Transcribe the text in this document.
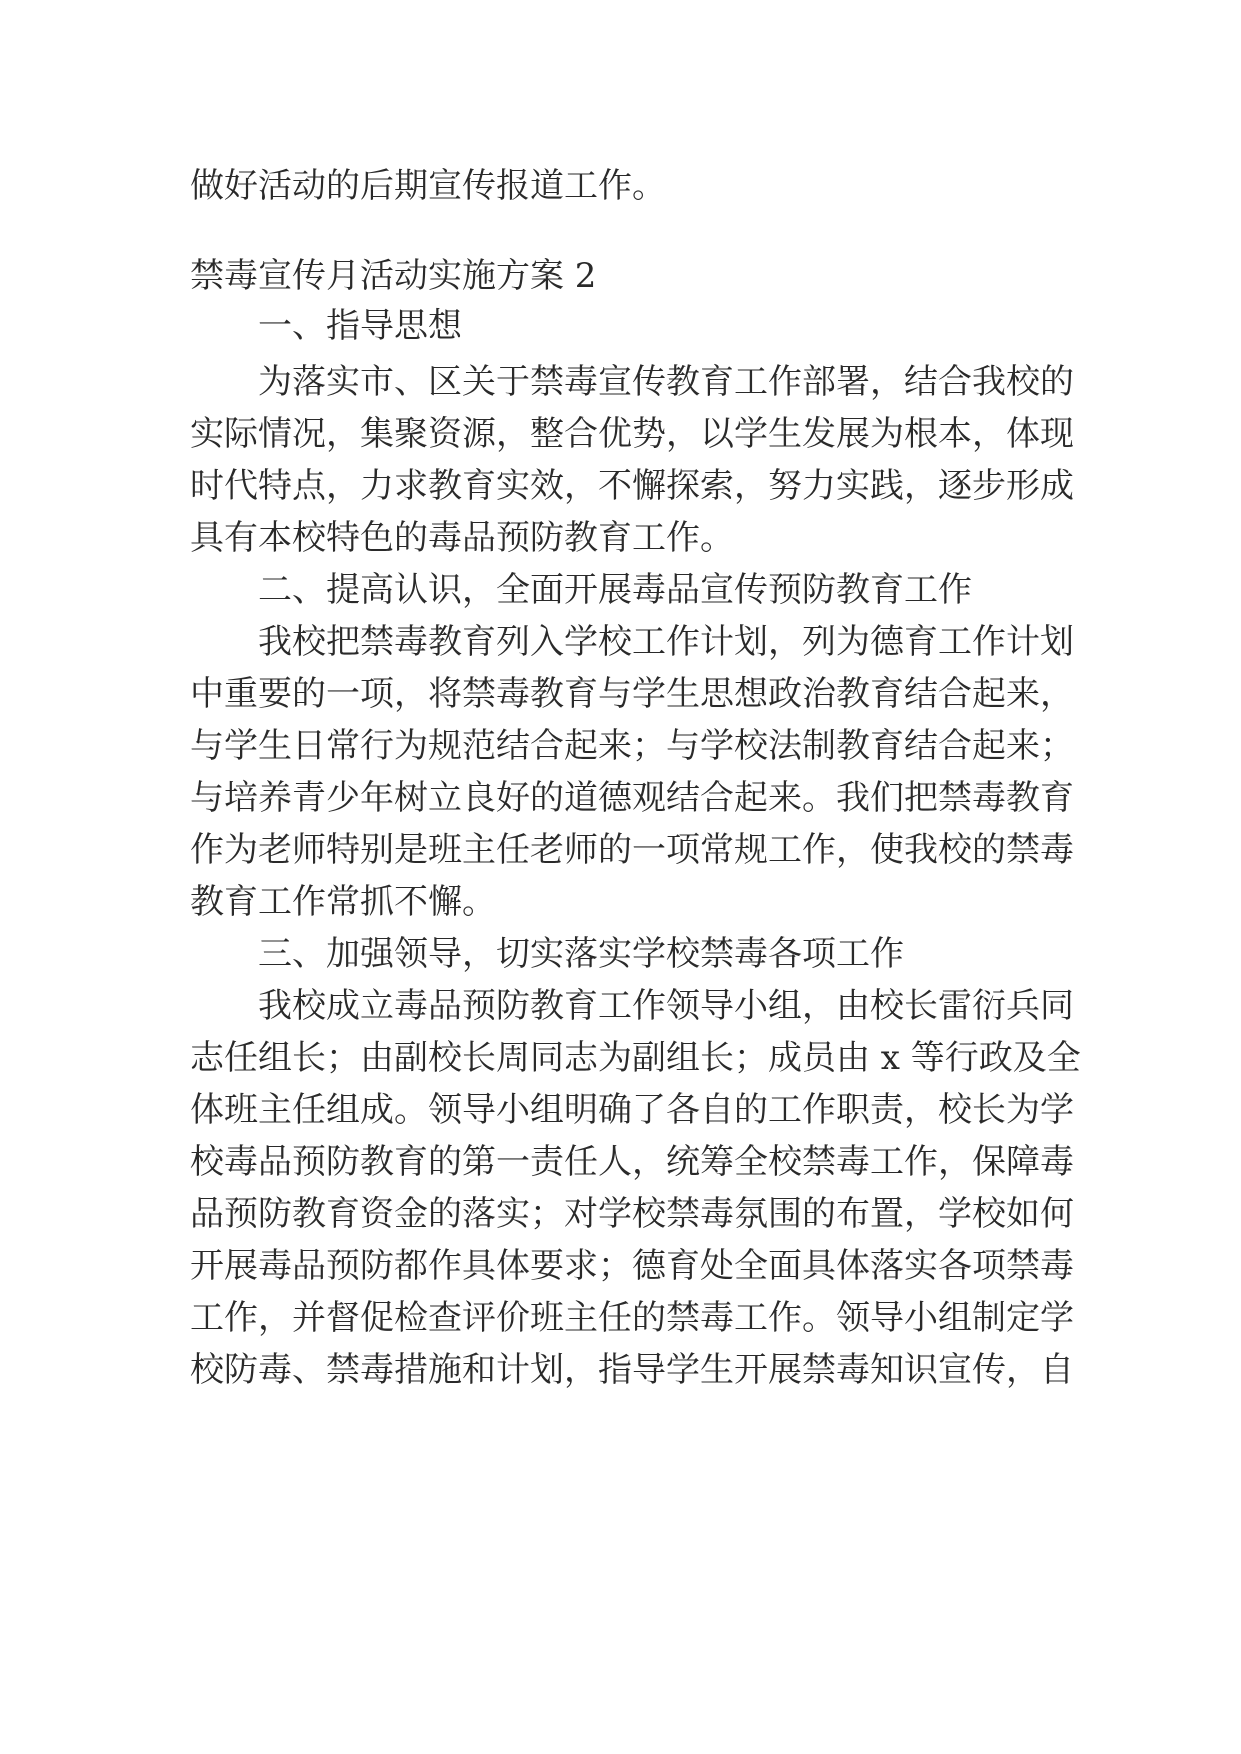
做好活动的后期宣传报道工作。

禁毒宣传月活动实施方案 2

一、指导思想

为落实市、区关于禁毒宣传教育工作部署，结合我校的

实际情况，集聚资源，整合优势，以学生发展为根本，体现

时代特点，力求教育实效，不懈探索，努力实践，逐步形成

具有本校特色的毒品预防教育工作。

二、提高认识，全面开展毒品宣传预防教育工作

我校把禁毒教育列入学校工作计划，列为德育工作计划

中重要的一项，将禁毒教育与学生思想政治教育结合起来，

与学生日常行为规范结合起来；与学校法制教育结合起来；

与培养青少年树立良好的道德观结合起来。我们把禁毒教育

作为老师特别是班主任老师的一项常规工作，使我校的禁毒

教育工作常抓不懈。

三、加强领导，切实落实学校禁毒各项工作

我校成立毒品预防教育工作领导小组，由校长雷衍兵同

志任组长；由副校长周同志为副组长；成员由 x 等行政及全

体班主任组成。领导小组明确了各自的工作职责，校长为学

校毒品预防教育的第一责任人，统筹全校禁毒工作，保障毒

品预防教育资金的落实；对学校禁毒氛围的布置，学校如何

开展毒品预防都作具体要求；德育处全面具体落实各项禁毒

工作，并督促检查评价班主任的禁毒工作。领导小组制定学

校防毒、禁毒措施和计划，指导学生开展禁毒知识宣传，自
